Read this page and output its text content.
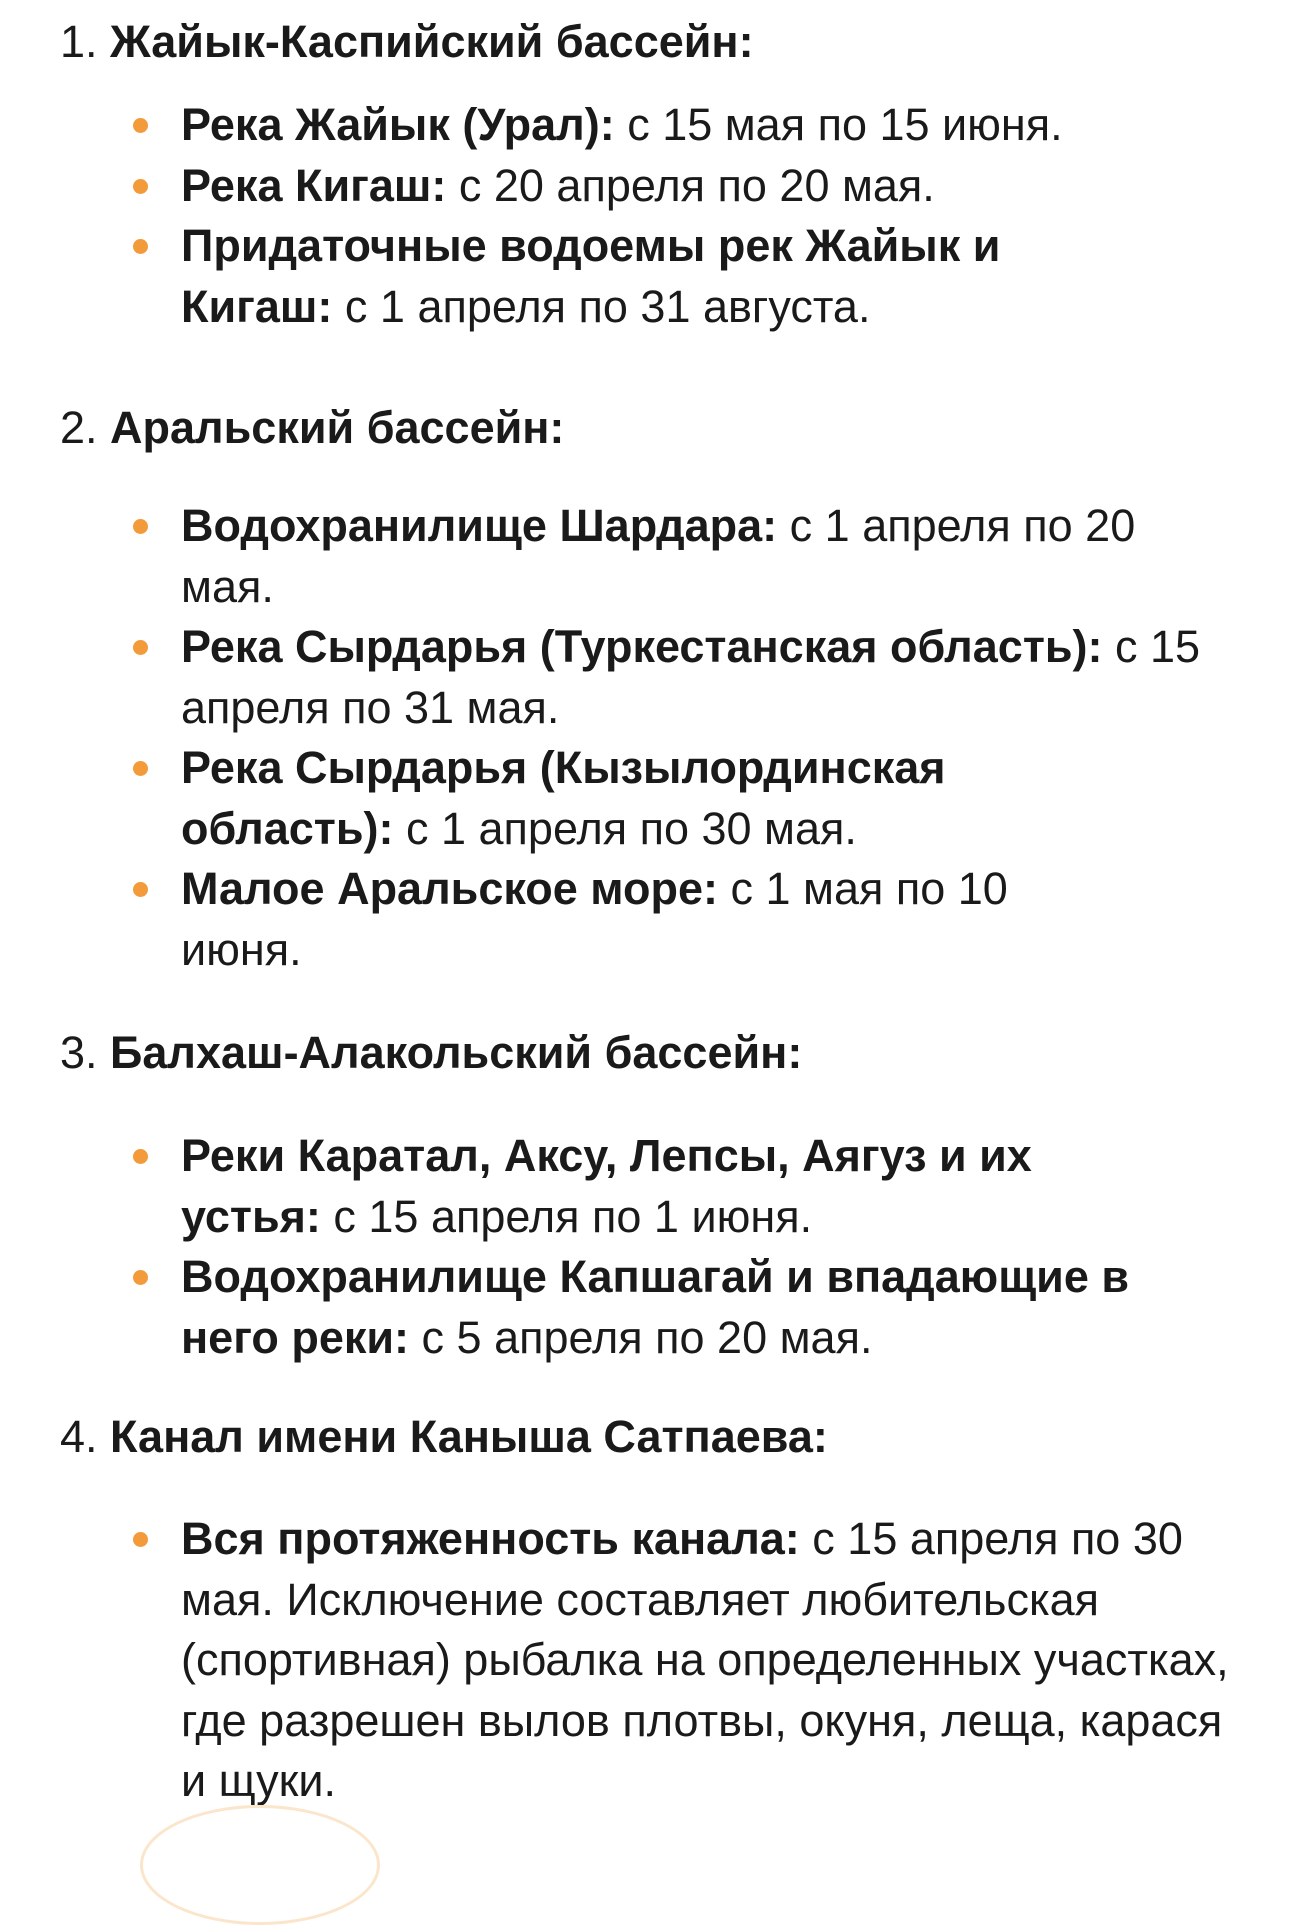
1. Жайык-Каспийский бассейн:
Река Жайык (Урал): с 15 мая по 15 июня.
Река Кигаш: с 20 апреля по 20 мая.
Придаточные водоемы рек Жайык и Кигаш: с 1 апреля по 31 августа.
2. Аральский бассейн:
Водохранилище Шардара: с 1 апреля по 20 мая.
Река Сырдарья (Туркестанская область): с 15 апреля по 31 мая.
Река Сырдарья (Кызылординская область): с 1 апреля по 30 мая.
Малое Аральское море: с 1 мая по 10 июня.
3. Балхаш-Алакольский бассейн:
Реки Каратал, Аксу, Лепсы, Аягуз и их устья: с 15 апреля по 1 июня.
Водохранилище Капшагай и впадающие в него реки: с 5 апреля по 20 мая.
4. Канал имени Каныша Сатпаева:
Вся протяженность канала: с 15 апреля по 30 мая. Исключение составляет любительская (спортивная) рыбалка на определенных участках, где разрешен вылов плотвы, окуня, леща, карася и щуки.
